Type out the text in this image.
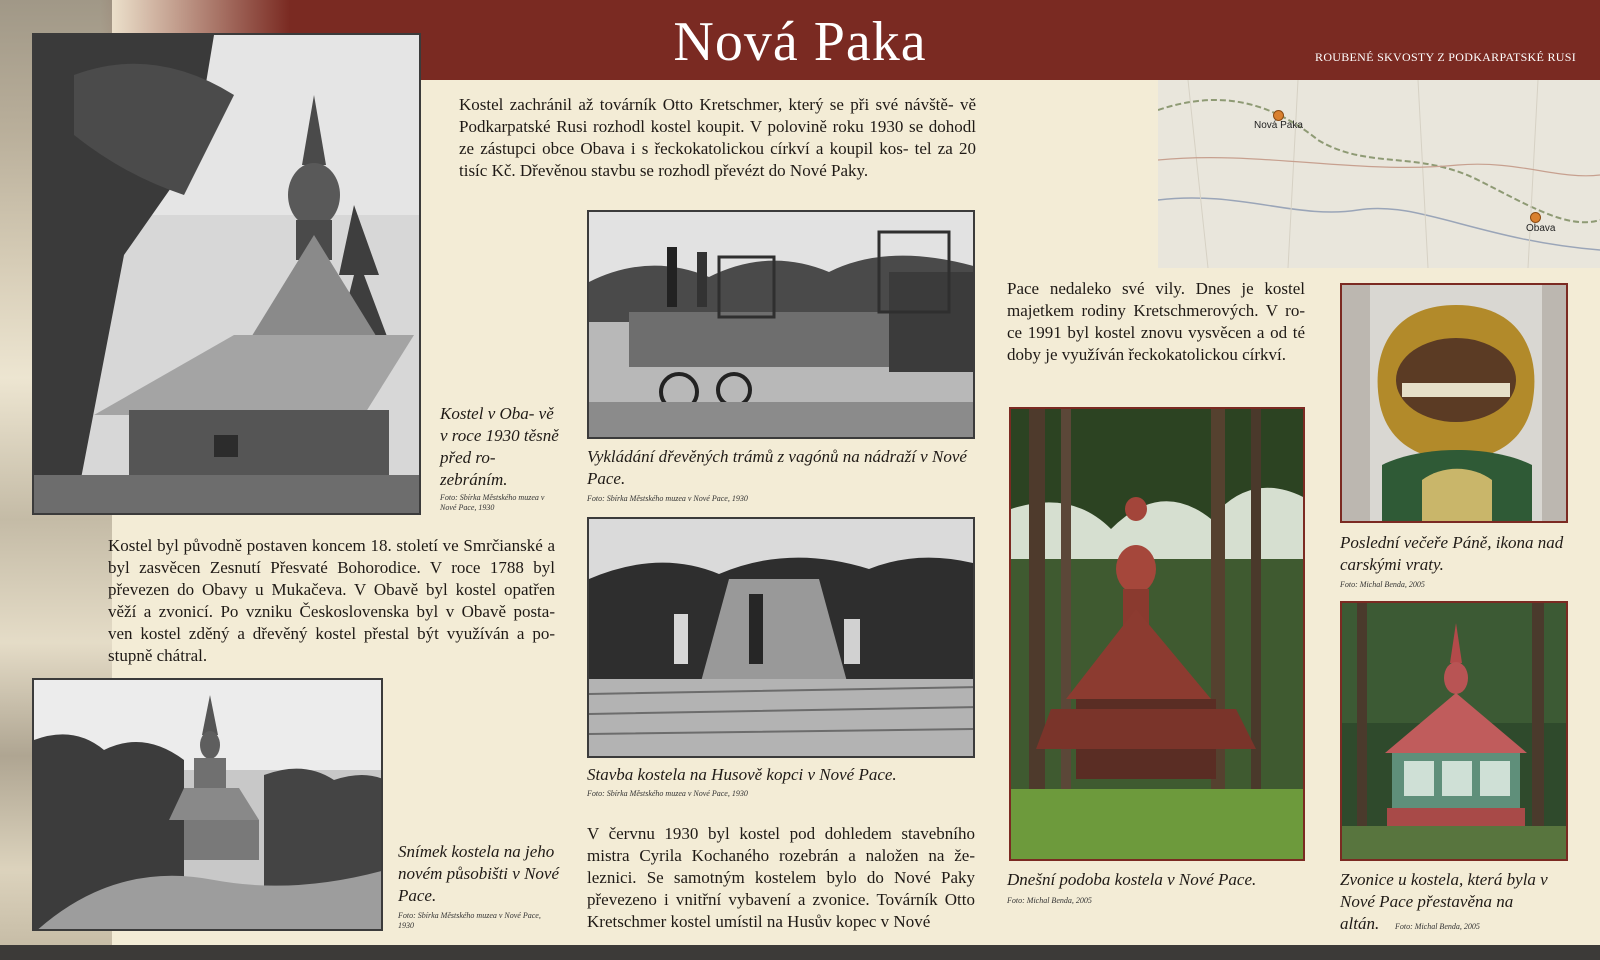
Nová Paka	ROUBENÉ SKVOSTY Z PODKARPATSKÉ RUSI
Kostel v Oba- vě v roce 1930 těsně před ro- zebráním.
Foto: Sbírka Městského muzea v Nové Pace, 1930
Kostel zachránil až továrník Otto Kretschmer, který se při své návště- vě Podkarpatské Rusi rozhodl kostel koupit. V polovině roku 1930 se dohodl ze zástupci obce Obava i s řeckokatolickou církví a koupil kos- tel za 20 tisíc Kč. Dřevěnou stavbu se rozhodl převézt do Nové Paky.
Nová Paka
Obava
Pace nedaleko své vily. Dnes je kostel majetkem rodiny Kretschmerových. V ro- ce 1991 byl kostel znovu vysvěcen a od té doby je využíván řeckokatolickou církví.
Vykládání dřevěných trámů z vagónů na nádraží v Nové Pace.
Foto: Sbírka Městského muzea v Nové Pace, 1930
Stavba kostela na Husově kopci v Nové Pace.
Foto: Sbírka Městského muzea v Nové Pace, 1930
Kostel byl původně postaven koncem 18. století ve Smrčianské a byl zasvěcen Zesnutí Přesvaté Bohorodice. V roce 1788 byl převezen do Obavy u Mukačeva. V Obavě byl kostel opatřen věží a zvonicí. Po vzniku Československa byl v Obavě posta- ven kostel zděný a dřevěný kostel přestal být využíván a po- stupně chátral.
Snímek kostela na jeho novém působišti v Nové Pace.
Foto: Sbírka Městského muzea v Nové Pace, 1930
V červnu 1930 byl kostel pod dohledem stavebního mistra Cyrila Kochaného rozebrán a naložen na že- leznici. Se samotným kostelem bylo do Nové Paky převezeno i vnitřní vybavení a zvonice. Továrník Otto Kretschmer kostel umístil na Husův kopec v Nové
Dnešní podoba kostela v Nové Pace.
Foto: Michal Benda, 2005
Poslední večeře Páně, ikona nad carskými vraty.
Foto: Michal Benda, 2005
Zvonice u kostela, která byla v Nové Pace přestavěna na altán.	Foto: Michal Benda, 2005
